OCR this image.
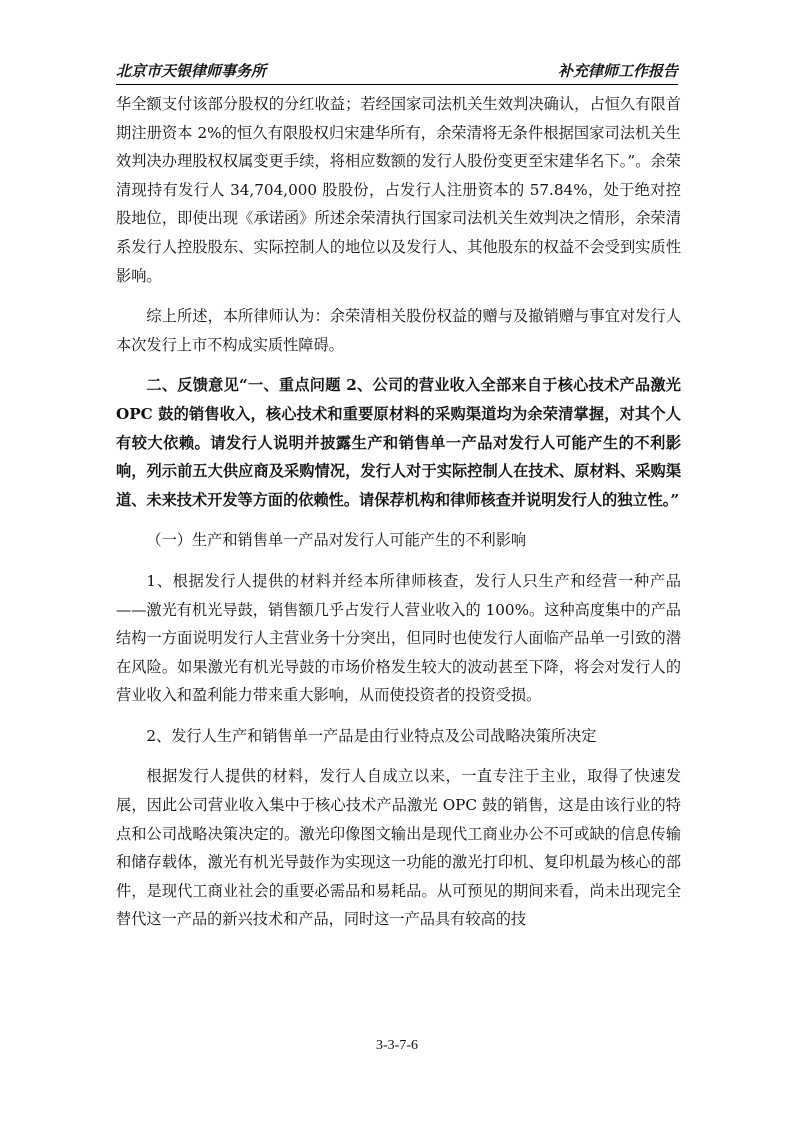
北京市天银律师事务所	补充律师工作报告

华全额支付该部分股权的分红收益；若经国家司法机关生效判决确认，占恒久有限首期注册资本 2%的恒久有限股权归宋建华所有，余荣清将无条件根据国家司法机关生效判决办理股权权属变更手续，将相应数额的发行人股份变更至宋建华名下。”。余荣清现持有发行人 34,704,000 股股份，占发行人注册资本的 57.84%，处于绝对控股地位，即使出现《承诺函》所述余荣清执行国家司法机关生效判决之情形，余荣清系发行人控股股东、实际控制人的地位以及发行人、其他股东的权益不会受到实质性影响。

综上所述，本所律师认为：余荣清相关股份权益的赠与及撤销赠与事宜对发行人本次发行上市不构成实质性障碍。

二、反馈意见“一、重点问题 2、公司的营业收入全部来自于核心技术产品激光 OPC 鼓的销售收入，核心技术和重要原材料的采购渠道均为余荣清掌握，对其个人有较大依赖。请发行人说明并披露生产和销售单一产品对发行人可能产生的不利影响，列示前五大供应商及采购情况，发行人对于实际控制人在技术、原材料、采购渠道、未来技术开发等方面的依赖性。请保荐机构和律师核查并说明发行人的独立性。”

（一）生产和销售单一产品对发行人可能产生的不利影响

1、根据发行人提供的材料并经本所律师核查，发行人只生产和经营一种产品——激光有机光导鼓，销售额几乎占发行人营业收入的 100%。这种高度集中的产品结构一方面说明发行人主营业务十分突出，但同时也使发行人面临产品单一引致的潜在风险。如果激光有机光导鼓的市场价格发生较大的波动甚至下降，将会对发行人的营业收入和盈利能力带来重大影响，从而使投资者的投资受损。

2、发行人生产和销售单一产品是由行业特点及公司战略决策所决定

根据发行人提供的材料，发行人自成立以来，一直专注于主业，取得了快速发展，因此公司营业收入集中于核心技术产品激光 OPC 鼓的销售，这是由该行业的特点和公司战略决策决定的。激光印像图文输出是现代工商业办公不可或缺的信息传输和储存载体，激光有机光导鼓作为实现这一功能的激光打印机、复印机最为核心的部件，是现代工商业社会的重要必需品和易耗品。从可预见的期间来看，尚未出现完全替代这一产品的新兴技术和产品，同时这一产品具有较高的技

3-3-7-6
